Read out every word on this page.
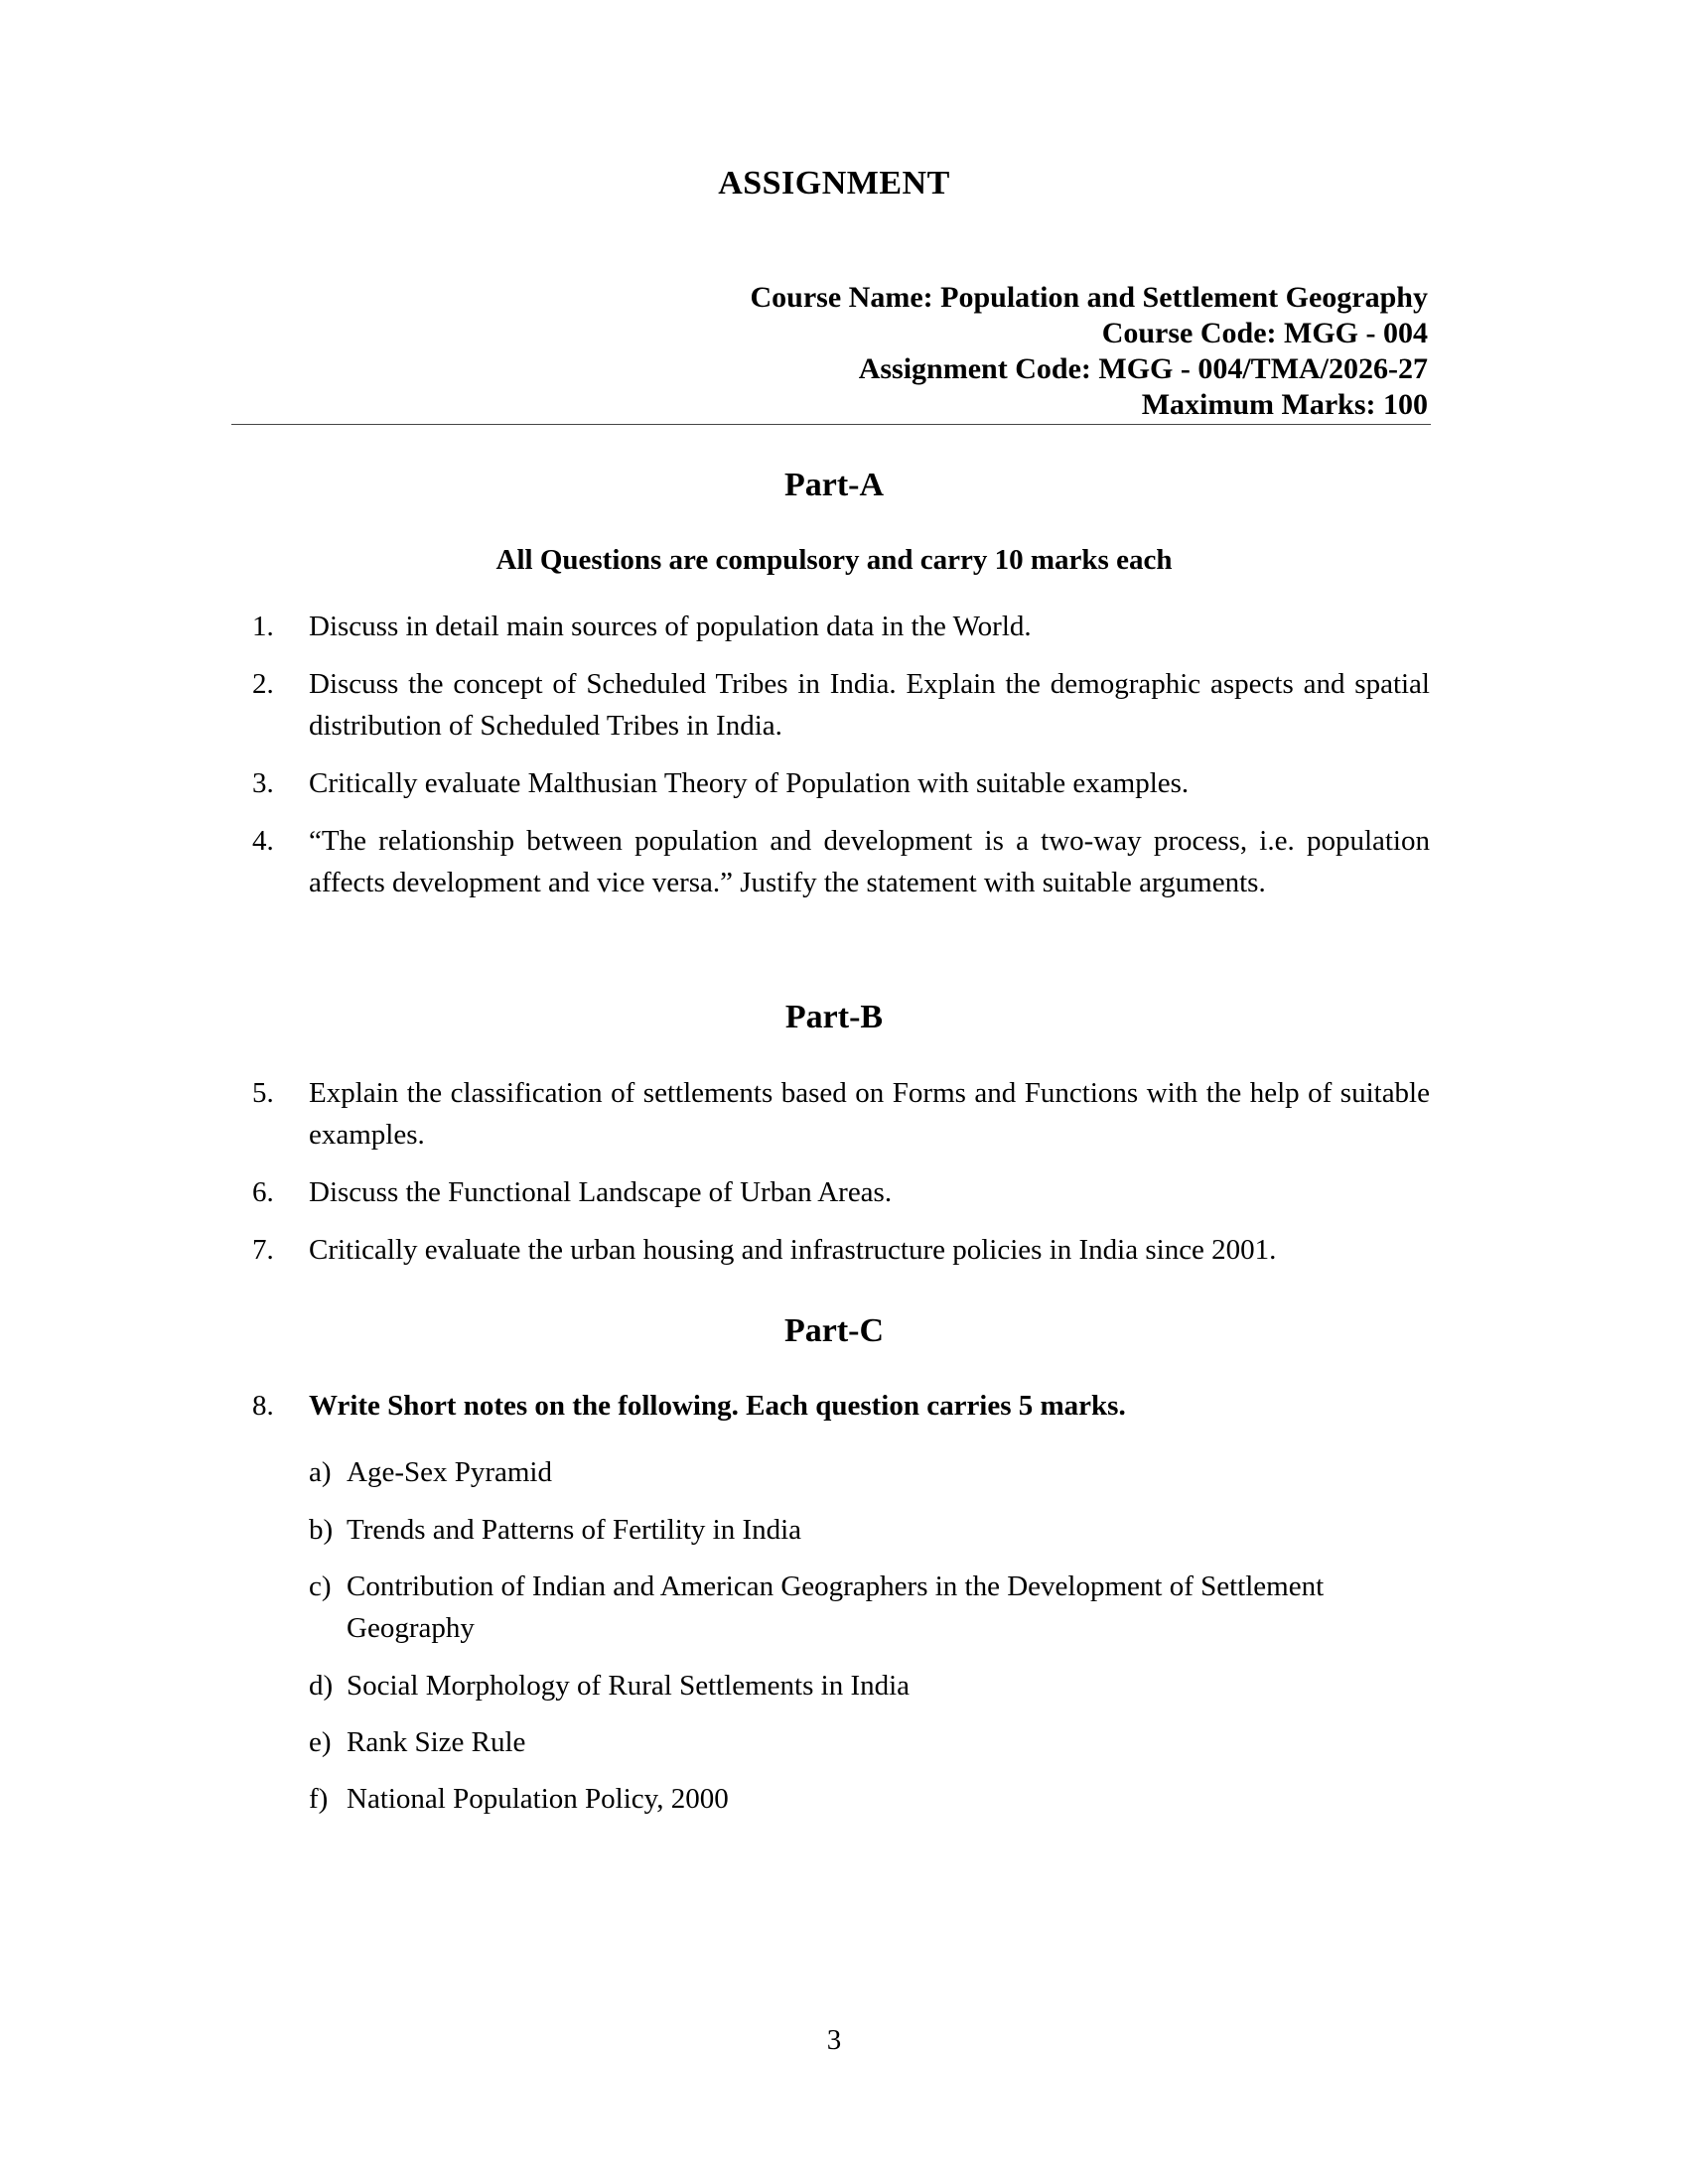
ASSIGNMENT
Course Name: Population and Settlement Geography
Course Code: MGG - 004
Assignment Code: MGG - 004/TMA/2026-27
Maximum Marks: 100
Part-A
All Questions are compulsory and carry 10 marks each
1. Discuss in detail main sources of population data in the World.
2. Discuss the concept of Scheduled Tribes in India. Explain the demographic aspects and spatial distribution of Scheduled Tribes in India.
3. Critically evaluate Malthusian Theory of Population with suitable examples.
4. “The relationship between population and development is a two-way process, i.e. population affects development and vice versa.” Justify the statement with suitable arguments.
Part-B
5. Explain the classification of settlements based on Forms and Functions with the help of suitable examples.
6. Discuss the Functional Landscape of Urban Areas.
7. Critically evaluate the urban housing and infrastructure policies in India since 2001.
Part-C
8. Write Short notes on the following. Each question carries 5 marks.
a) Age-Sex Pyramid
b) Trends and Patterns of Fertility in India
c) Contribution of Indian and American Geographers in the Development of Settlement Geography
d) Social Morphology of Rural Settlements in India
e) Rank Size Rule
f) National Population Policy, 2000
3
